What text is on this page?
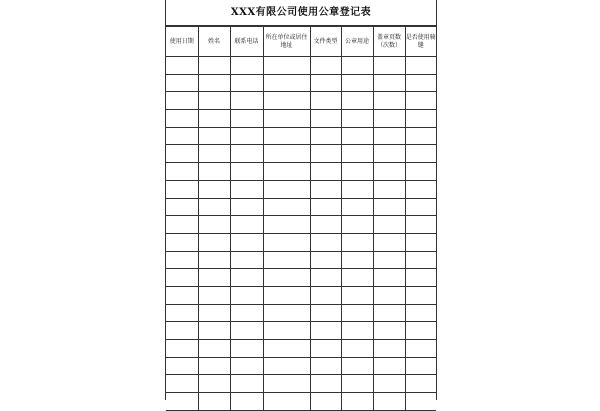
XXX有限公司使用公章登记表
使用日期	姓名	联系电话	所在单位或居住地址	文件类型	公章用途	盖章页数（次数）	是否使用骑缝
